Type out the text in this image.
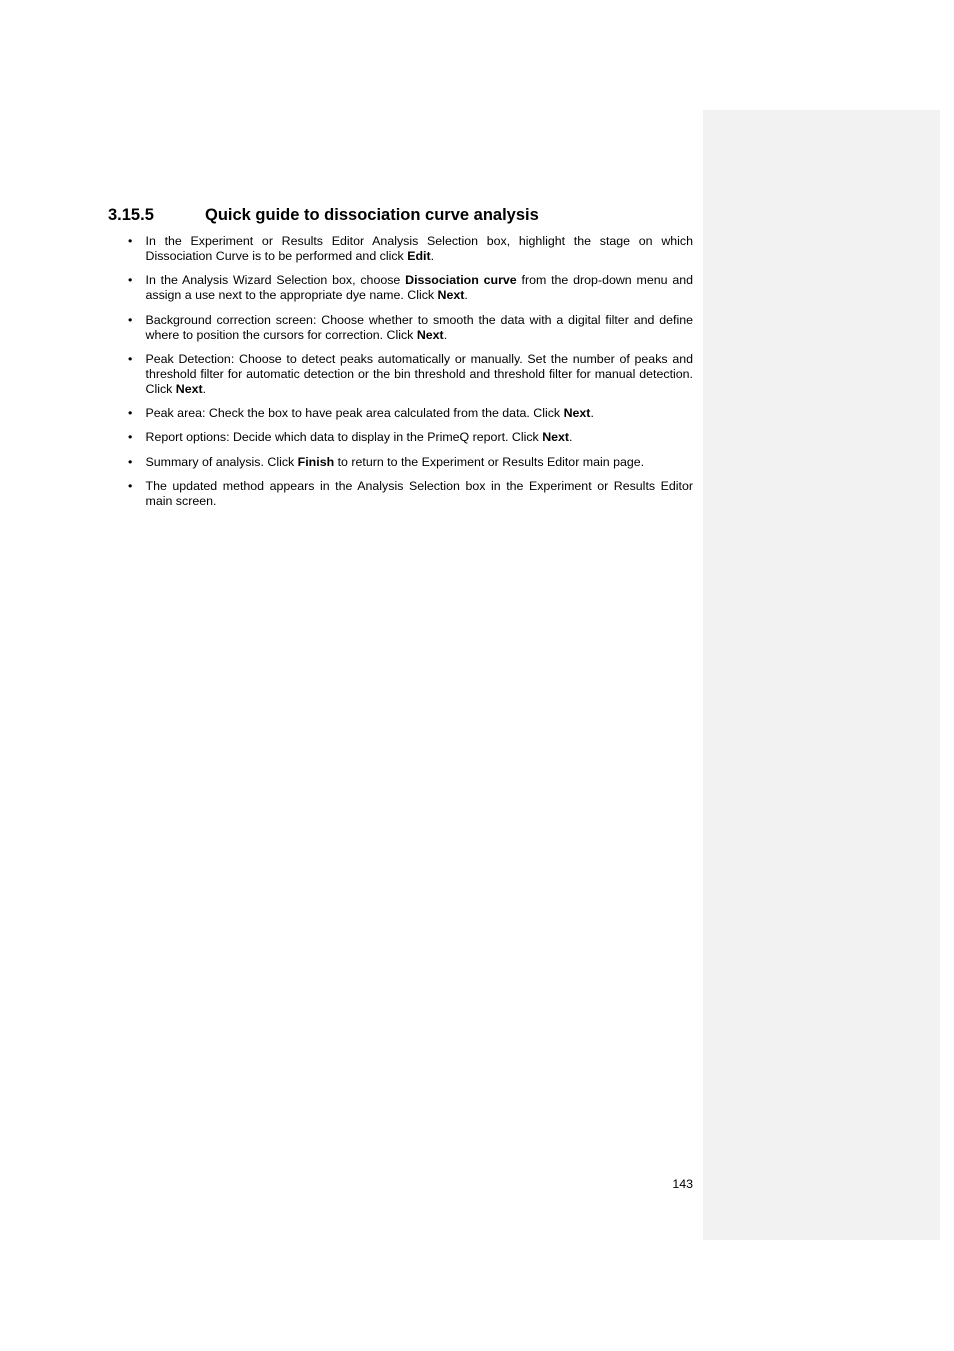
3.15.5	Quick guide to dissociation curve analysis
• In the Experiment or Results Editor Analysis Selection box, highlight the stage on which Dissociation Curve is to be performed and click Edit.
• In the Analysis Wizard Selection box, choose Dissociation curve from the drop-down menu and assign a use next to the appropriate dye name. Click Next.
• Background correction screen: Choose whether to smooth the data with a digital filter and define where to position the cursors for correction. Click Next.
• Peak Detection: Choose to detect peaks automatically or manually. Set the number of peaks and threshold filter for automatic detection or the bin threshold and threshold filter for manual detection. Click Next.
• Peak area: Check the box to have peak area calculated from the data. Click Next.
• Report options: Decide which data to display in the PrimeQ report. Click Next.
• Summary of analysis. Click Finish to return to the Experiment or Results Editor main page.
• The updated method appears in the Analysis Selection box in the Experiment or Results Editor main screen.
143
